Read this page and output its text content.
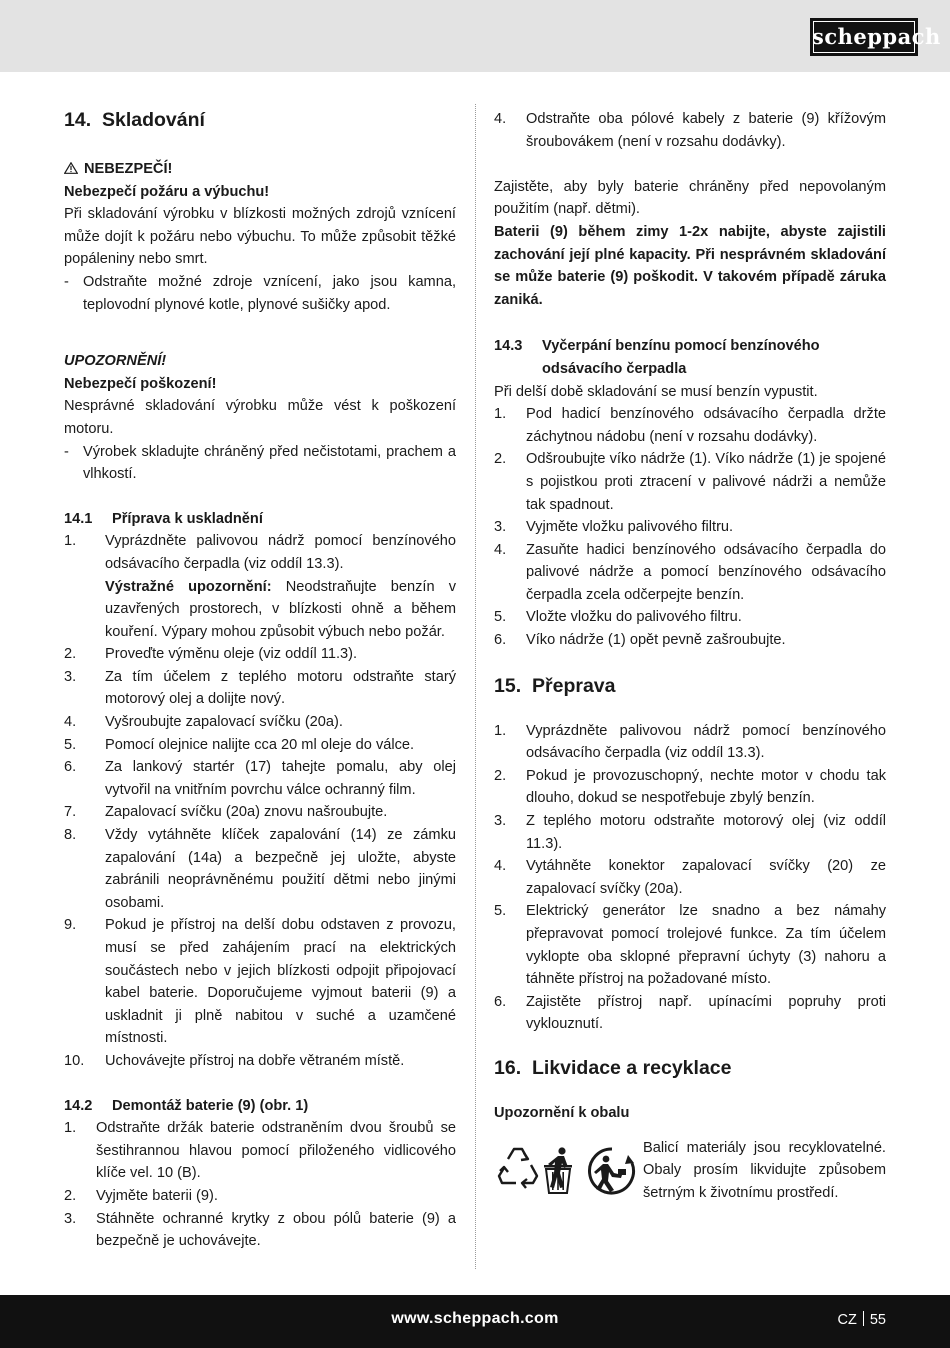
scheppach
14. Skladování
NEBEZPEČÍ!
Nebezpečí požáru a výbuchu!

Při skladování výrobku v blízkosti možných zdrojů vznícení může dojít k požáru nebo výbuchu. To může způsobit těžké popáleniny nebo smrt.

- Odstraňte možné zdroje vznícení, jako jsou kamna, teplovodní plynové kotle, plynové sušičky apod.
UPOZORNĚNÍ!
Nebezpečí poškození!

Nesprávné skladování výrobku může vést k poškození motoru.

- Výrobek skladujte chráněný před nečistotami, prachem a vlhkostí.
14.1 Příprava k uskladnění
1. Vyprázdněte palivovou nádrž pomocí benzínového odsávacího čerpadla (viz oddíl 13.3).
Výstražné upozornění: Neodstraňujte benzín v uzavřených prostorech, v blízkosti ohně a během kouření. Výpary mohou způsobit výbuch nebo požár.
2. Proveďte výměnu oleje (viz oddíl 11.3).
3. Za tím účelem z teplého motoru odstraňte starý motorový olej a dolijte nový.
4. Vyšroubujte zapalovací svíčku (20a).
5. Pomocí olejnice nalijte cca 20 ml oleje do válce.
6. Za lankový startér (17) tahejte pomalu, aby olej vytvořil na vnitřním povrchu válce ochranný film.
7. Zapalovací svíčku (20a) znovu našroubujte.
8. Vždy vytáhněte klíček zapalování (14) ze zámku zapalování (14a) a bezpečně jej uložte, abyste zabránili neoprávněnému použití dětmi nebo jinými osobami.
9. Pokud je přístroj na delší dobu odstaven z provozu, musí se před zahájením prací na elektrických součástech nebo v jejich blízkosti odpojit připojovací kabel baterie. Doporučujeme vyjmout baterii (9) a uskladnit ji plně nabitou v suché a uzamčené místnosti.
10. Uchovávejte přístroj na dobře větraném místě.
14.2 Demontáž baterie (9) (obr. 1)
1. Odstraňte držák baterie odstraněním dvou šroubů se šestihrannou hlavou pomocí přiloženého vidlicového klíče vel. 10 (B).
2. Vyjměte baterii (9).
3. Stáhněte ochranné krytky z obou pólů baterie (9) a bezpečně je uchovávejte.
4. Odstraňte oba pólové kabely z baterie (9) křížovým šroubovákem (není v rozsahu dodávky).

Zajistěte, aby byly baterie chráněny před nepovolaným použitím (např. dětmi).

Baterii (9) během zimy 1-2x nabijte, abyste zajistili zachování její plné kapacity. Při nesprávném skladování se může baterie (9) poškodit. V takovém případě záruka zaniká.

14.3 Vyčerpání benzínu pomocí benzínového odsávacího čerpadla

Při delší době skladování se musí benzín vypustit.

1. Pod hadicí benzínového odsávacího čerpadla držte záchytnou nádobu (není v rozsahu dodávky).
2. Odšroubujte víko nádrže (1). Víko nádrže (1) je spojené s pojistkou proti ztracení v palivové nádrži a nemůže tak spadnout.
3. Vyjměte vložku palivového filtru.
4. Zasuňte hadici benzínového odsávacího čerpadla do palivové nádrže a pomocí benzínového odsávacího čerpadla zcela odčerpejte benzín.
5. Vložte vložku do palivového filtru.
6. Víko nádrže (1) opět pevně zašroubujte.
15. Přeprava
1. Vyprázdněte palivovou nádrž pomocí benzínového odsávacího čerpadla (viz oddíl 13.3).
2. Pokud je provozuschopný, nechte motor v chodu tak dlouho, dokud se nespotřebuje zbylý benzín.
3. Z teplého motoru odstraňte motorový olej (viz oddíl 11.3).
4. Vytáhněte konektor zapalovací svíčky (20) ze zapalovací svíčky (20a).
5. Elektrický generátor lze snadno a bez námahy přepravovat pomocí trolejové funkce. Za tím účelem vyklopte oba sklopné přepravní úchyty (3) nahoru a táhněte přístroj na požadované místo.
6. Zajistěte přístroj např. upínacími popruhy proti vyklouznutí.
16. Likvidace a recyklace
Upozornění k obalu

Balicí materiály jsou recyklovatelné. Obaly prosím likvidujte způsobem šetrným k životnímu prostředí.

www.scheppach.com	CZ 55
